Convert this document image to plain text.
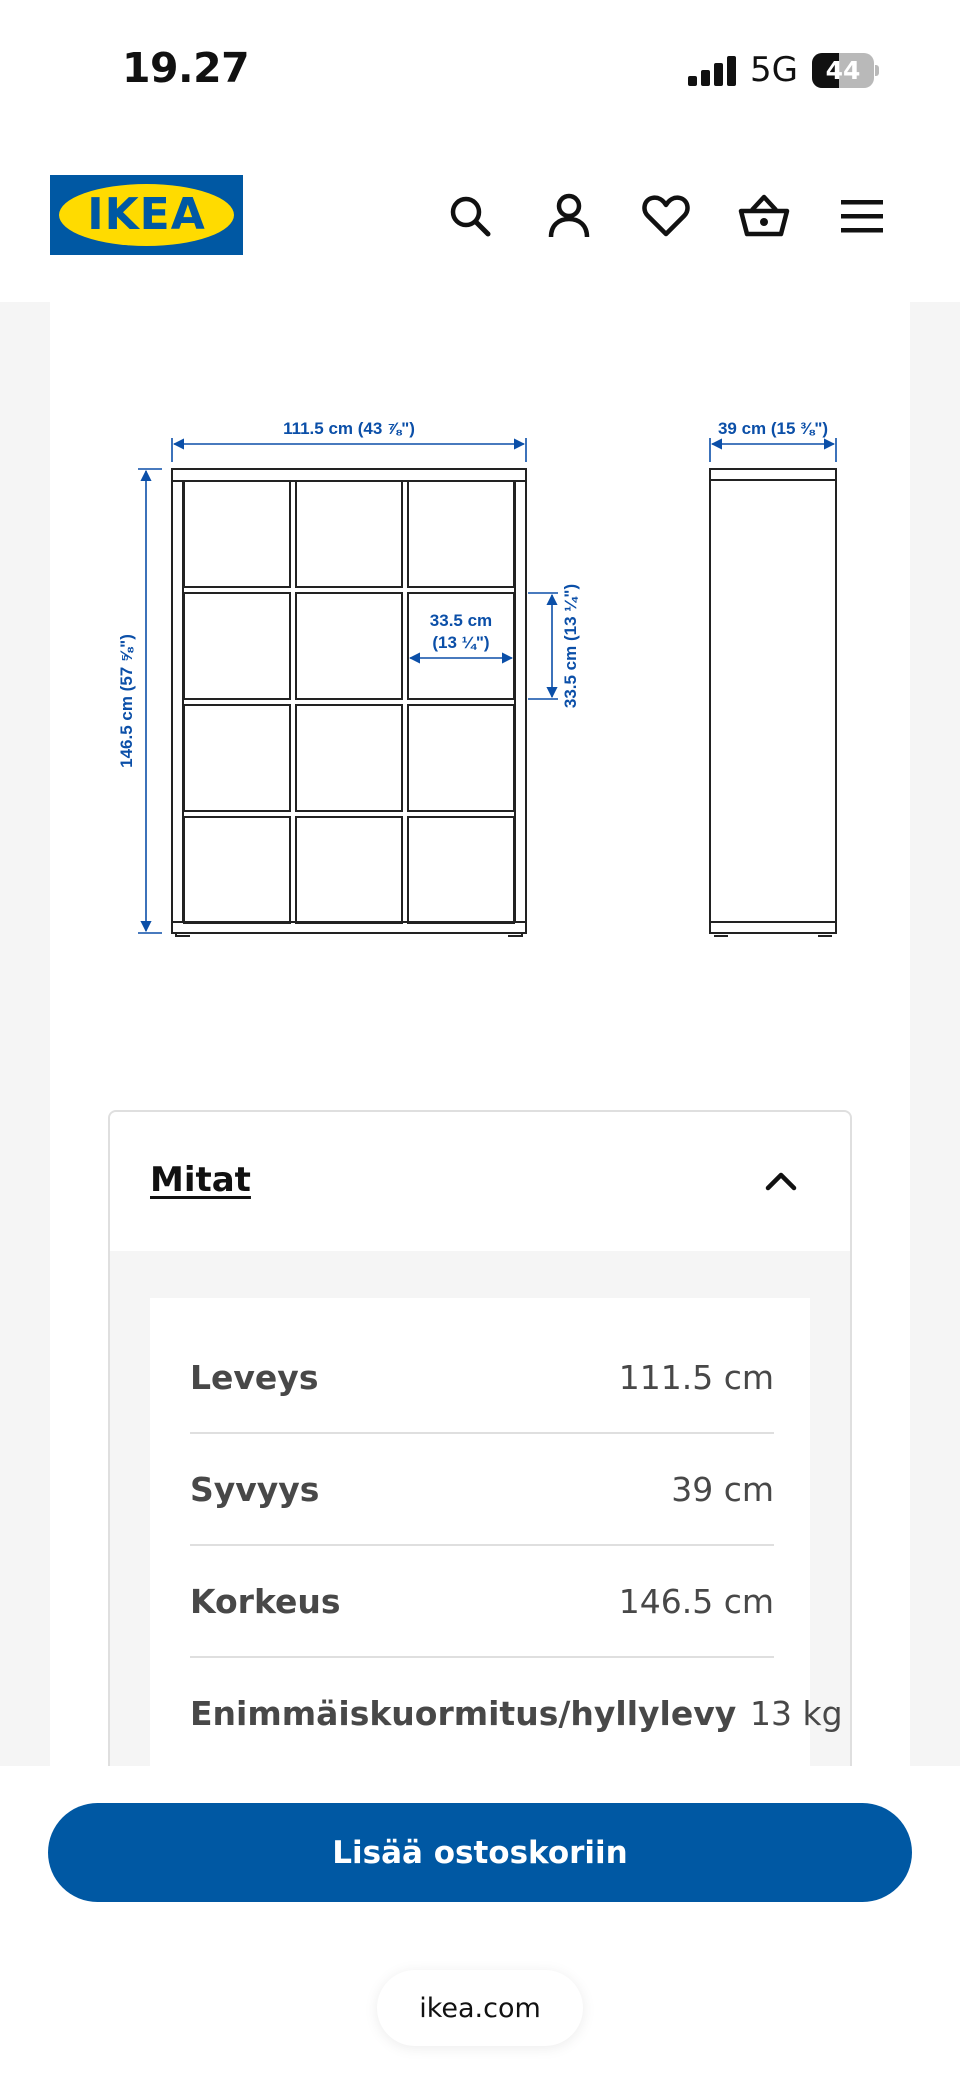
19.27	5G	44
IKEA	®
111.5 cm (43 ⅞")	39 cm (15 ⅜")
146.5 cm (57 ⅝")
33.5 cm
(13 ¼")	33.5 cm (13 ¼")
Mitat
Leveys	111.5 cm
Syvyys	39 cm
Korkeus	146.5 cm
Enimmäiskuormitus/hyllylevy 13 kg
Lisää ostoskoriin
ikea.com
